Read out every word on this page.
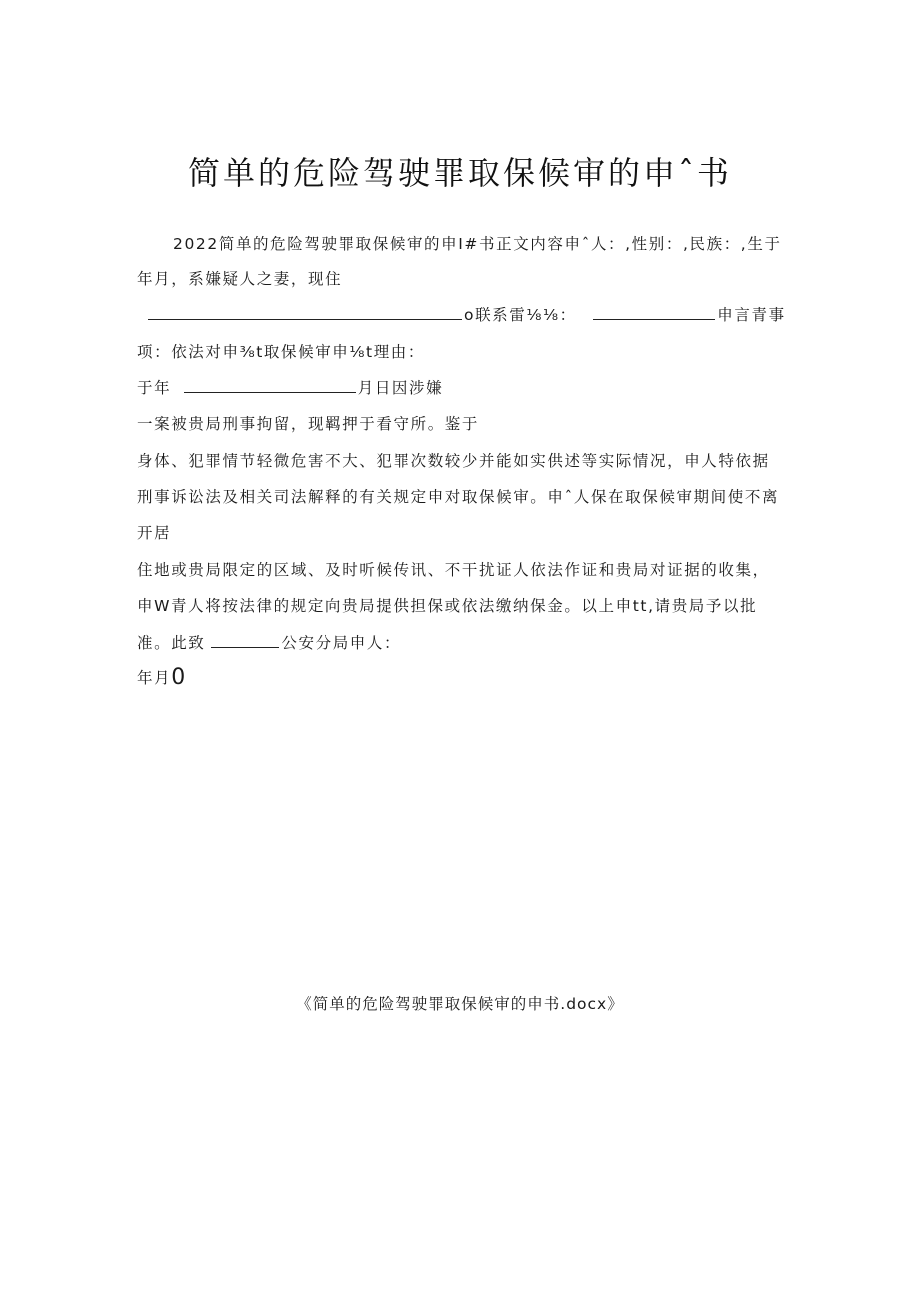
简单的危险驾驶罪取保候审的申ˆ书
2022简单的危险驾驶罪取保候审的申I#书正文内容申ˆ人：,性别：,民族：,生于
年月，系嫌疑人之妻，现住
o联系雷⅛⅛：	申言青事
项：依法对申⅜t取保候审申⅛t理由：
于年	月日因涉嫌
一案被贵局刑事拘留，现羁押于看守所。鉴于
身体、犯罪情节轻微危害不大、犯罪次数较少并能如实供述等实际情况，申人特依据
刑事诉讼法及相关司法解释的有关规定申对取保候审。申ˆ人保在取保候审期间使不离
开居
住地或贵局限定的区域、及时听候传讯、不干扰证人依法作证和贵局对证据的收集，
申W青人将按法律的规定向贵局提供担保或依法缴纳保金。以上申tt,请贵局予以批
准。此致	公安分局申人：
年月0
《简单的危险驾驶罪取保候审的申书.docx》
